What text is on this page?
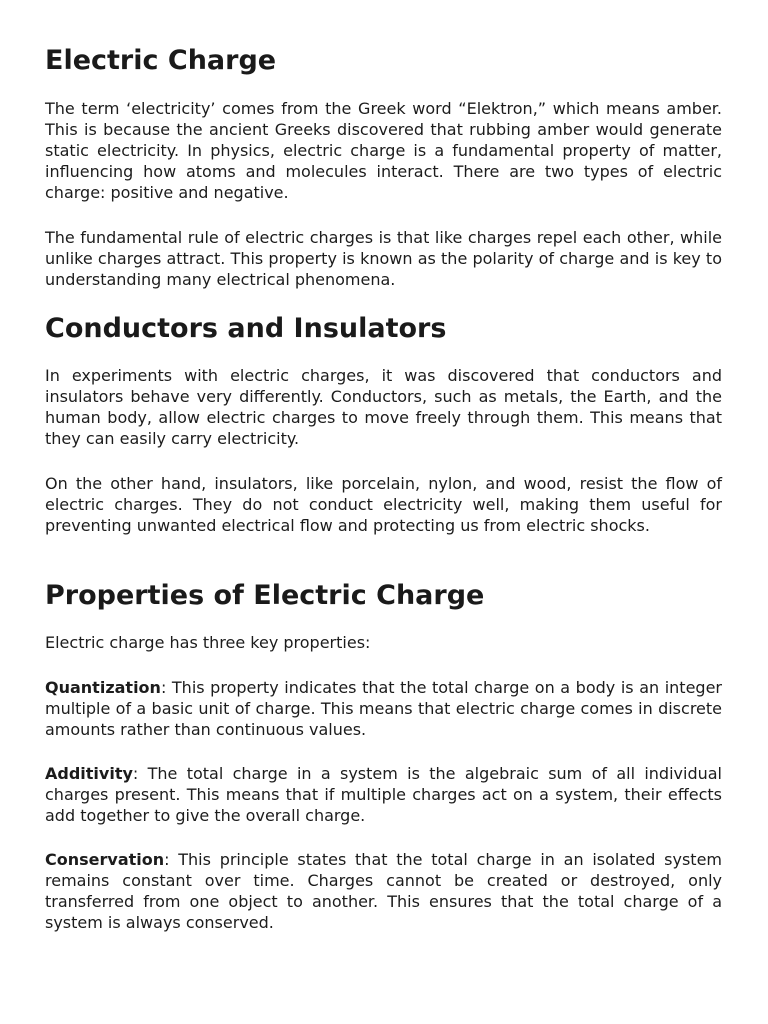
Electric Charge

The term ‘electricity’ comes from the Greek word “Elektron,” which means amber. This is because the ancient Greeks discovered that rubbing amber would generate static electricity. In physics, electric charge is a fundamental property of matter, influencing how atoms and molecules interact. There are two types of electric charge: positive and negative.

The fundamental rule of electric charges is that like charges repel each other, while unlike charges attract. This property is known as the polarity of charge and is key to understanding many electrical phenomena.

Conductors and Insulators

In experiments with electric charges, it was discovered that conductors and insulators behave very differently. Conductors, such as metals, the Earth, and the human body, allow electric charges to move freely through them. This means that they can easily carry electricity.

On the other hand, insulators, like porcelain, nylon, and wood, resist the flow of electric charges. They do not conduct electricity well, making them useful for preventing unwanted electrical flow and protecting us from electric shocks.

Properties of Electric Charge

Electric charge has three key properties:

Quantization: This property indicates that the total charge on a body is an integer multiple of a basic unit of charge. This means that electric charge comes in discrete amounts rather than continuous values.

Additivity: The total charge in a system is the algebraic sum of all individual charges present. This means that if multiple charges act on a system, their effects add together to give the overall charge.

Conservation: This principle states that the total charge in an isolated system remains constant over time. Charges cannot be created or destroyed, only transferred from one object to another. This ensures that the total charge of a system is always conserved.
